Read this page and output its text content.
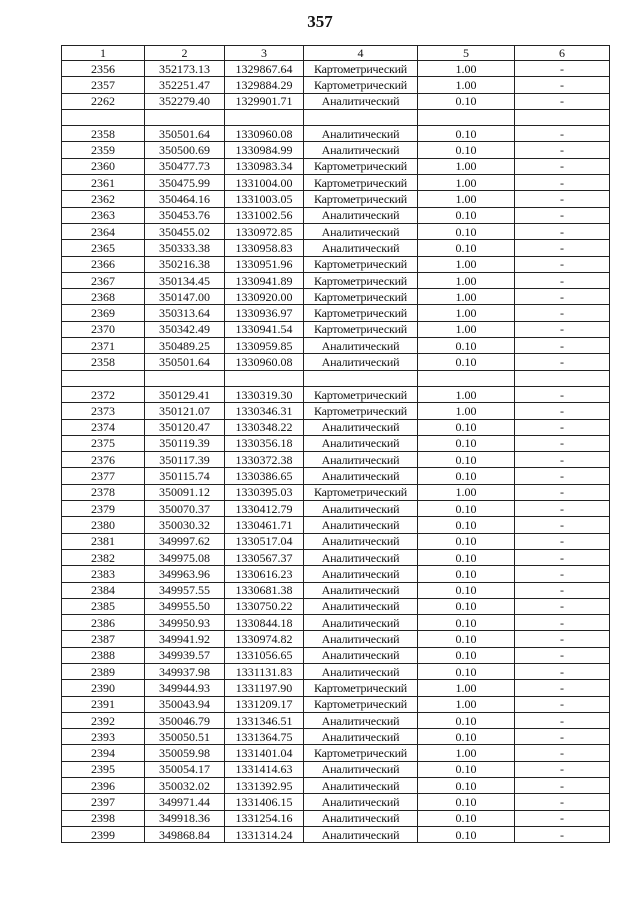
357
1	2	3	4	5	6
2356	352173.13	1329867.64	Картометрический	1.00	-
2357	352251.47	1329884.29	Картометрический	1.00	-
2262	352279.40	1329901.71	Аналитический	0.10	-

2358	350501.64	1330960.08	Аналитический	0.10	-
2359	350500.69	1330984.99	Аналитический	0.10	-
2360	350477.73	1330983.34	Картометрический	1.00	-
2361	350475.99	1331004.00	Картометрический	1.00	-
2362	350464.16	1331003.05	Картометрический	1.00	-
2363	350453.76	1331002.56	Аналитический	0.10	-
2364	350455.02	1330972.85	Аналитический	0.10	-
2365	350333.38	1330958.83	Аналитический	0.10	-
2366	350216.38	1330951.96	Картометрический	1.00	-
2367	350134.45	1330941.89	Картометрический	1.00	-
2368	350147.00	1330920.00	Картометрический	1.00	-
2369	350313.64	1330936.97	Картометрический	1.00	-
2370	350342.49	1330941.54	Картометрический	1.00	-
2371	350489.25	1330959.85	Аналитический	0.10	-
2358	350501.64	1330960.08	Аналитический	0.10	-

2372	350129.41	1330319.30	Картометрический	1.00	-
2373	350121.07	1330346.31	Картометрический	1.00	-
2374	350120.47	1330348.22	Аналитический	0.10	-
2375	350119.39	1330356.18	Аналитический	0.10	-
2376	350117.39	1330372.38	Аналитический	0.10	-
2377	350115.74	1330386.65	Аналитический	0.10	-
2378	350091.12	1330395.03	Картометрический	1.00	-
2379	350070.37	1330412.79	Аналитический	0.10	-
2380	350030.32	1330461.71	Аналитический	0.10	-
2381	349997.62	1330517.04	Аналитический	0.10	-
2382	349975.08	1330567.37	Аналитический	0.10	-
2383	349963.96	1330616.23	Аналитический	0.10	-
2384	349957.55	1330681.38	Аналитический	0.10	-
2385	349955.50	1330750.22	Аналитический	0.10	-
2386	349950.93	1330844.18	Аналитический	0.10	-
2387	349941.92	1330974.82	Аналитический	0.10	-
2388	349939.57	1331056.65	Аналитический	0.10	-
2389	349937.98	1331131.83	Аналитический	0.10	-
2390	349944.93	1331197.90	Картометрический	1.00	-
2391	350043.94	1331209.17	Картометрический	1.00	-
2392	350046.79	1331346.51	Аналитический	0.10	-
2393	350050.51	1331364.75	Аналитический	0.10	-
2394	350059.98	1331401.04	Картометрический	1.00	-
2395	350054.17	1331414.63	Аналитический	0.10	-
2396	350032.02	1331392.95	Аналитический	0.10	-
2397	349971.44	1331406.15	Аналитический	0.10	-
2398	349918.36	1331254.16	Аналитический	0.10	-
2399	349868.84	1331314.24	Аналитический	0.10	-
